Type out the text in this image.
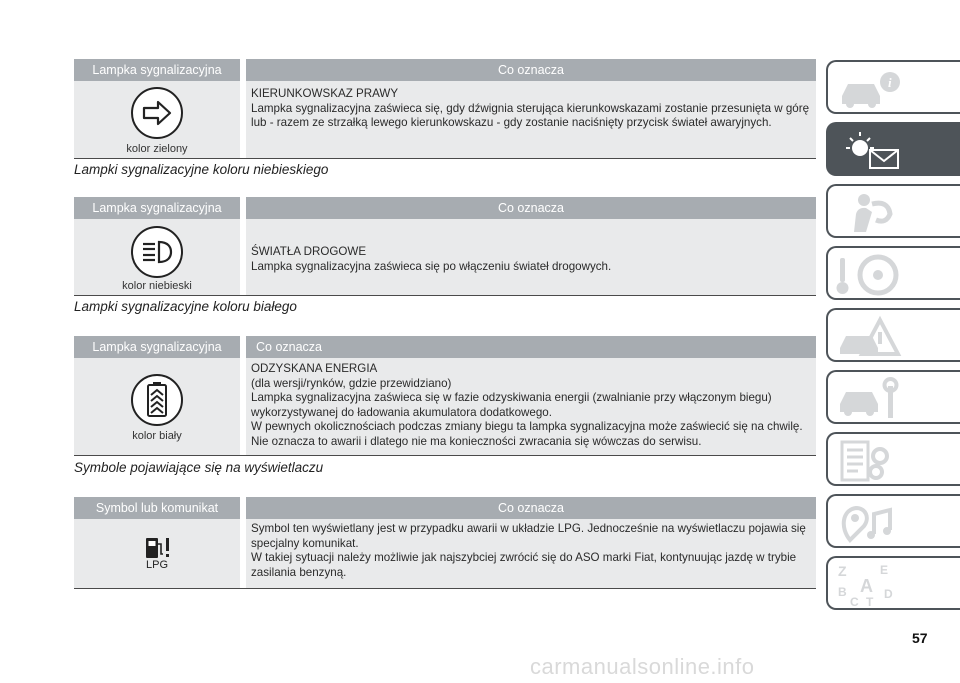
Lampka sygnalizacyjna	Co oznacza
kolor zielony
KIERUNKOWSKAZ PRAWY
Lampka sygnalizacyjna zaświeca się, gdy dźwignia sterująca kierunkowskazami zostanie przesunięta w górę
lub - razem ze strzałką lewego kierunkowskazu - gdy zostanie naciśnięty przycisk świateł awaryjnych.
Lampki sygnalizacyjne koloru niebieskiego
Lampka sygnalizacyjna	Co oznacza
kolor niebieski
ŚWIATŁA DROGOWE
Lampka sygnalizacyjna zaświeca się po włączeniu świateł drogowych.
Lampki sygnalizacyjne koloru białego
Lampka sygnalizacyjna	Co oznacza
kolor biały
ODZYSKANA ENERGIA
(dla wersji/rynków, gdzie przewidziano)
Lampka sygnalizacyjna zaświeca się w fazie odzyskiwania energii (zwalnianie przy włączonym biegu)
wykorzystywanej do ładowania akumulatora dodatkowego.
W pewnych okolicznościach podczas zmiany biegu ta lampka sygnalizacyjna może zaświecić się na chwilę.
Nie oznacza to awarii i dlatego nie ma konieczności zwracania się wówczas do serwisu.
Symbole pojawiające się na wyświetlaczu
Symbol lub komunikat	Co oznacza
LPG
Symbol ten wyświetlany jest w przypadku awarii w układzie LPG. Jednocześnie na wyświetlaczu pojawia się
specjalny komunikat.
W takiej sytuacji należy możliwie jak najszybciej zwrócić się do ASO marki Fiat, kontynuując jazdę w trybie
zasilania benzyną.
i
Z	E
B A D
C T
57
carmanualsonline.info
